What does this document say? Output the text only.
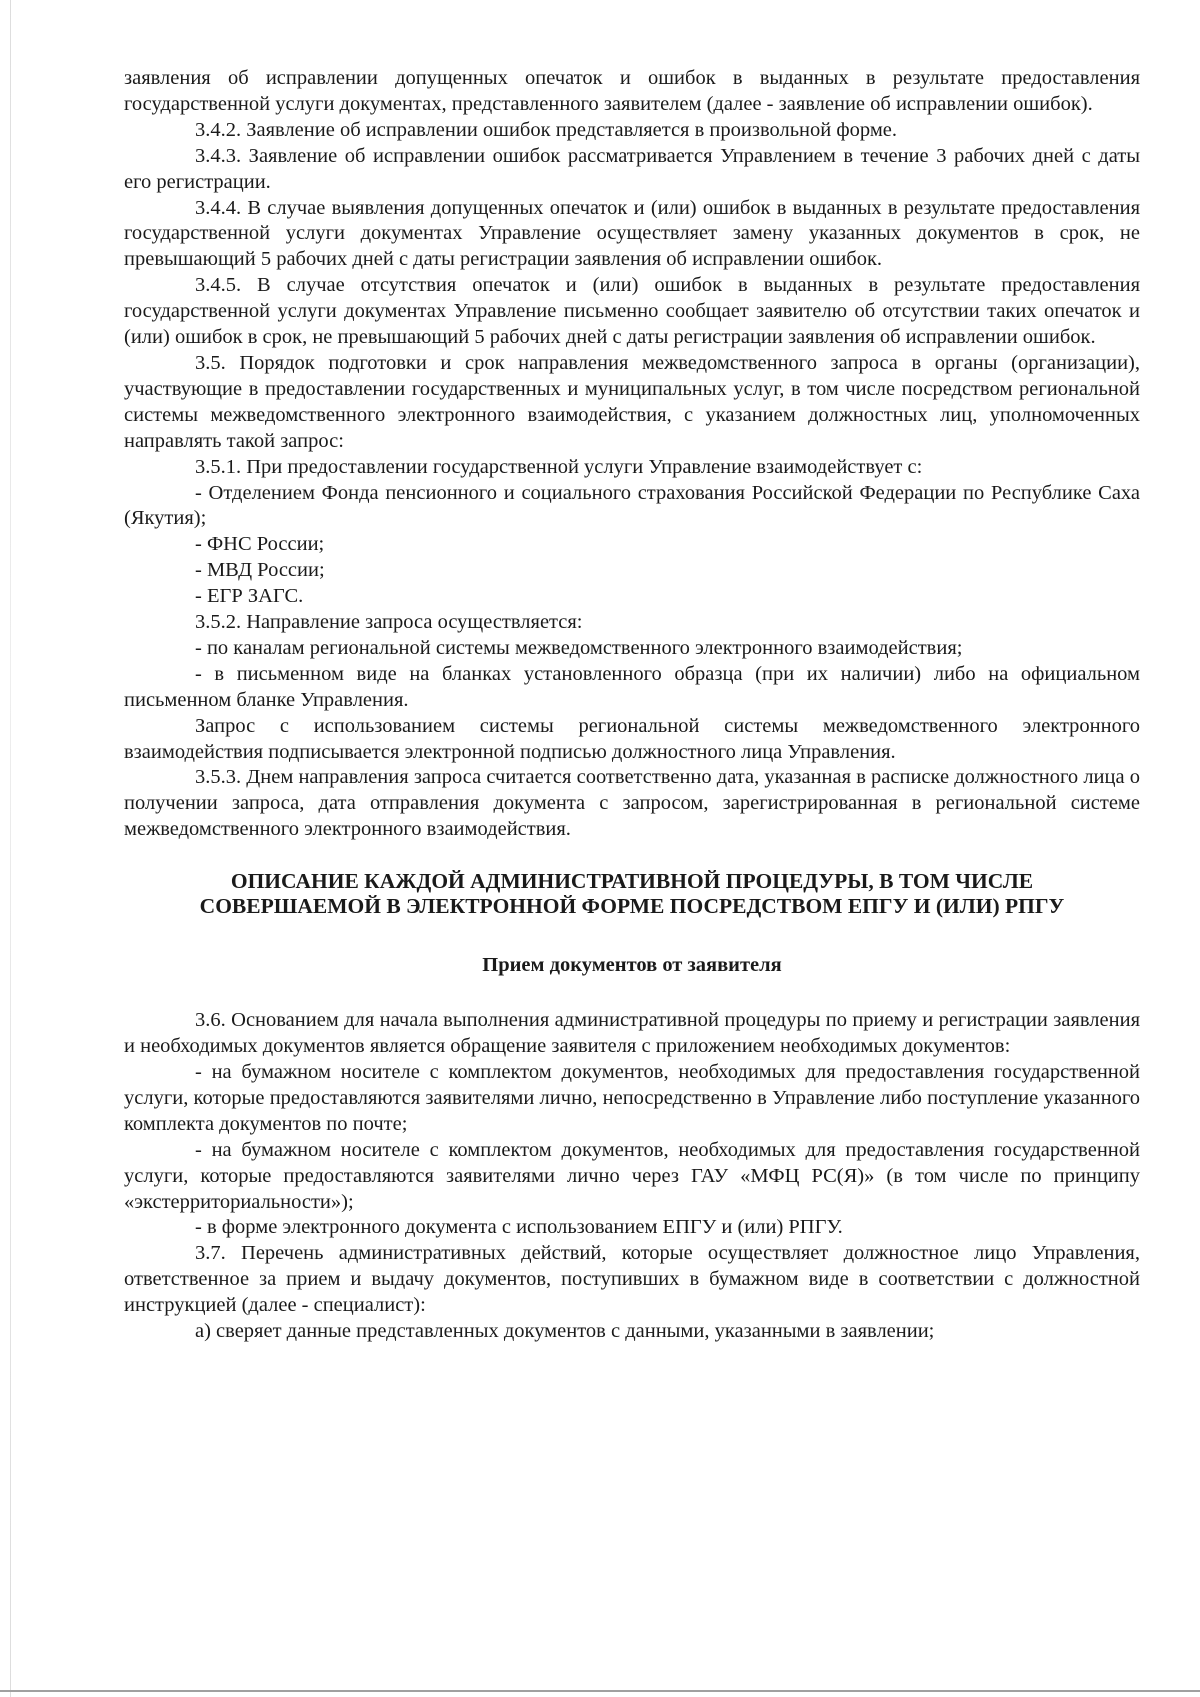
заявления об исправлении допущенных опечаток и ошибок в выданных в результате предоставления государственной услуги документах, представленного заявителем (далее - заявление об исправлении ошибок).

3.4.2. Заявление об исправлении ошибок представляется в произвольной форме.

3.4.3. Заявление об исправлении ошибок рассматривается Управлением в течение 3 рабочих дней с даты его регистрации.

3.4.4. В случае выявления допущенных опечаток и (или) ошибок в выданных в результате предоставления государственной услуги документах Управление осуществляет замену указанных документов в срок, не превышающий 5 рабочих дней с даты регистрации заявления об исправлении ошибок.

3.4.5. В случае отсутствия опечаток и (или) ошибок в выданных в результате предоставления государственной услуги документах Управление письменно сообщает заявителю об отсутствии таких опечаток и (или) ошибок в срок, не превышающий 5 рабочих дней с даты регистрации заявления об исправлении ошибок.

3.5. Порядок подготовки и срок направления межведомственного запроса в органы (организации), участвующие в предоставлении государственных и муниципальных услуг, в том числе посредством региональной системы межведомственного электронного взаимодействия, с указанием должностных лиц, уполномоченных направлять такой запрос:

3.5.1. При предоставлении государственной услуги Управление взаимодействует с:

- Отделением Фонда пенсионного и социального страхования Российской Федерации по Республике Саха (Якутия);

- ФНС России;

- МВД России;

- ЕГР ЗАГС.

3.5.2. Направление запроса осуществляется:

- по каналам региональной системы межведомственного электронного взаимодействия;

- в письменном виде на бланках установленного образца (при их наличии) либо на официальном письменном бланке Управления.

Запрос с использованием системы региональной системы межведомственного электронного взаимодействия подписывается электронной подписью должностного лица Управления.

3.5.3. Днем направления запроса считается соответственно дата, указанная в расписке должностного лица о получении запроса, дата отправления документа с запросом, зарегистрированная в региональной системе межведомственного электронного взаимодействия.

ОПИСАНИЕ КАЖДОЙ АДМИНИСТРАТИВНОЙ ПРОЦЕДУРЫ, В ТОМ ЧИСЛЕ СОВЕРШАЕМОЙ В ЭЛЕКТРОННОЙ ФОРМЕ ПОСРЕДСТВОМ ЕПГУ И (ИЛИ) РПГУ

Прием документов от заявителя

3.6. Основанием для начала выполнения административной процедуры по приему и регистрации заявления и необходимых документов является обращение заявителя с приложением необходимых документов:

- на бумажном носителе с комплектом документов, необходимых для предоставления государственной услуги, которые предоставляются заявителями лично, непосредственно в Управление либо поступление указанного комплекта документов по почте;

- на бумажном носителе с комплектом документов, необходимых для предоставления государственной услуги, которые предоставляются заявителями лично через ГАУ «МФЦ РС(Я)» (в том числе по принципу «экстерриториальности»);

- в форме электронного документа с использованием ЕПГУ и (или) РПГУ.

3.7. Перечень административных действий, которые осуществляет должностное лицо Управления, ответственное за прием и выдачу документов, поступивших в бумажном виде в соответствии с должностной инструкцией (далее - специалист):

а) сверяет данные представленных документов с данными, указанными в заявлении;
